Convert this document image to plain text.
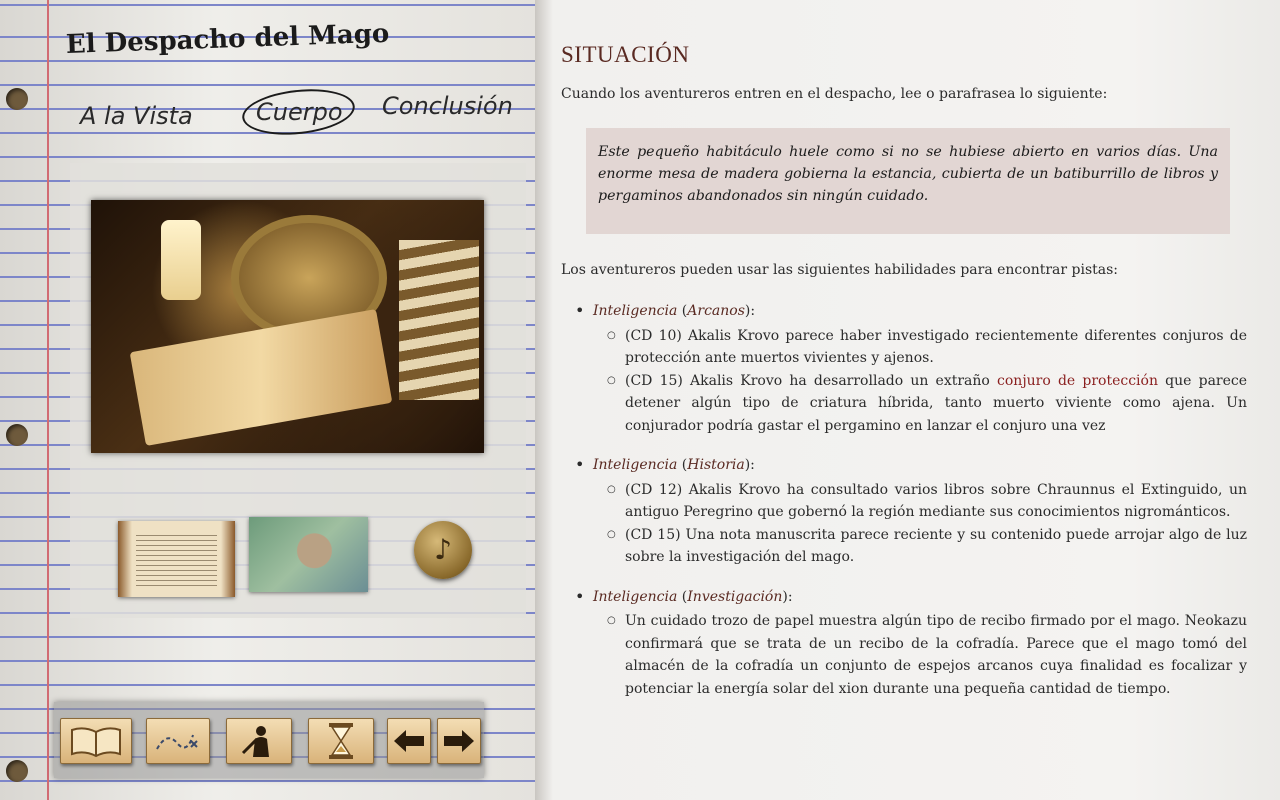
El Despacho del Mago
A la Vista	Cuerpo Conclusión
♪
SITUACIÓN
Cuando los aventureros entren en el despacho, lee o parafrasea lo siguiente:
Este pequeño habitáculo huele como si no se hubiese abierto en varios días. Una enorme mesa de madera gobierna la estancia, cubierta de un batiburrillo de libros y pergaminos abandonados sin ningún cuidado.
Los aventureros pueden usar las siguientes habilidades para encontrar pistas:
• Inteligencia (Arcanos):
○ (CD 10) Akalis Krovo parece haber investigado recientemente diferentes conjuros de protección ante muertos vivientes y ajenos.
○ (CD 15) Akalis Krovo ha desarrollado un extraño conjuro de protección que parece detener algún tipo de criatura híbrida, tanto muerto viviente como ajena. Un conjurador podría gastar el pergamino en lanzar el conjuro una vez
• Inteligencia (Historia):
○ (CD 12) Akalis Krovo ha consultado varios libros sobre Chraunnus el Extinguido, un antiguo Peregrino que gobernó la región mediante sus conocimientos nigrománticos.
○ (CD 15) Una nota manuscrita parece reciente y su contenido puede arrojar algo de luz sobre la investigación del mago.
• Inteligencia (Investigación):
○ Un cuidado trozo de papel muestra algún tipo de recibo firmado por el mago. Neokazu confirmará que se trata de un recibo de la cofradía. Parece que el mago tomó del almacén de la cofradía un conjunto de espejos arcanos cuya finalidad es focalizar y potenciar la energía solar del xion durante una pequeña cantidad de tiempo.
